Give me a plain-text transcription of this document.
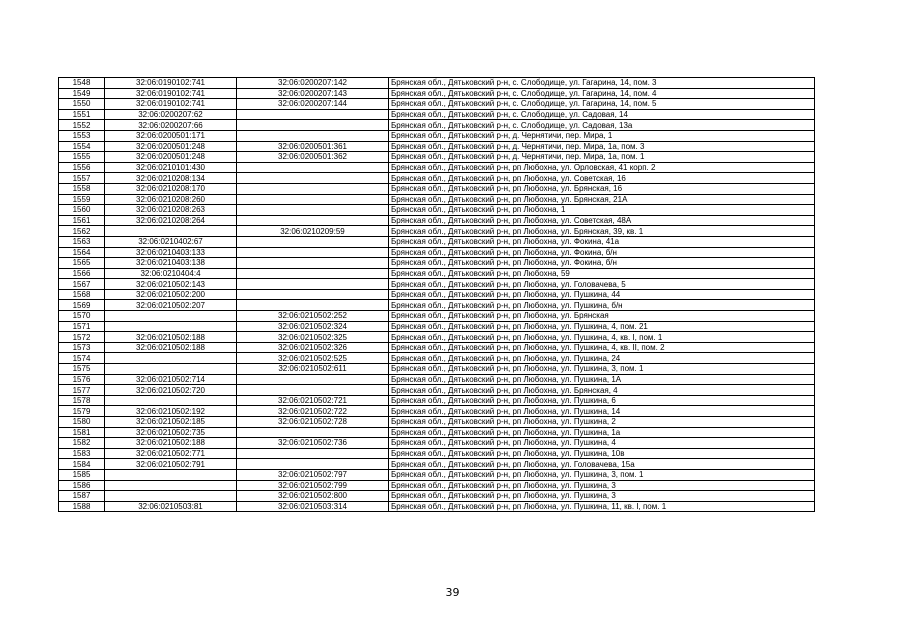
1548	32:06:0190102:741	32:06:0200207:142	Брянская обл., Дятьковский р-н, с. Слободище, ул. Гагарина, 14, пом. 3
1549	32:06:0190102:741	32:06:0200207:143	Брянская обл., Дятьковский р-н, с. Слободище, ул. Гагарина, 14, пом. 4
1550	32:06:0190102:741	32:06:0200207:144	Брянская обл., Дятьковский р-н, с. Слободище, ул. Гагарина, 14, пом. 5
1551	32:06:0200207:62		Брянская обл., Дятьковский р-н, с. Слободище, ул. Садовая, 14
1552	32:06:0200207:66		Брянская обл., Дятьковский р-н, с. Слободище, ул. Садовая, 13а
1553	32:06:0200501:171		Брянская обл., Дятьковский р-н, д. Чернятичи, пер. Мира, 1
1554	32:06:0200501:248	32:06:0200501:361	Брянская обл., Дятьковский р-н, д. Чернятичи, пер. Мира, 1а, пом. 3
1555	32:06:0200501:248	32:06:0200501:362	Брянская обл., Дятьковский р-н, д. Чернятичи, пер. Мира, 1а, пом. 1
1556	32:06:0210101:430		Брянская обл., Дятьковский р-н, рп Любохна, ул. Орловская, 41 корп. 2
1557	32:06:0210208:134		Брянская обл., Дятьковский р-н, рп Любохна, ул. Советская, 16
1558	32:06:0210208:170		Брянская обл., Дятьковский р-н, рп Любохна, ул. Брянская, 16
1559	32:06:0210208:260		Брянская обл., Дятьковский р-н, рп Любохна, ул. Брянская, 21А
1560	32:06:0210208:263		Брянская обл., Дятьковский р-н, рп Любохна, 1
1561	32:06:0210208:264		Брянская обл., Дятьковский р-н, рп Любохна, ул. Советская, 48А
1562		32:06:0210209:59	Брянская обл., Дятьковский р-н, рп Любохна, ул. Брянская, 39, кв. 1
1563	32:06:0210402:67		Брянская обл., Дятьковский р-н, рп Любохна, ул. Фокина, 41а
1564	32:06:0210403:133		Брянская обл., Дятьковский р-н, рп Любохна, ул. Фокина, б/н
1565	32:06:0210403:138		Брянская обл., Дятьковский р-н, рп Любохна, ул. Фокина, б/н
1566	32:06:0210404:4		Брянская обл., Дятьковский р-н, рп Любохна, 59
1567	32:06:0210502:143		Брянская обл., Дятьковский р-н, рп Любохна, ул. Головачева, 5
1568	32:06:0210502:200		Брянская обл., Дятьковский р-н, рп Любохна, ул. Пушкина, 44
1569	32:06:0210502:207		Брянская обл., Дятьковский р-н, рп Любохна, ул. Пушкина, б/н
1570		32:06:0210502:252	Брянская обл., Дятьковский р-н, рп Любохна, ул. Брянская
1571		32:06:0210502:324	Брянская обл., Дятьковский р-н, рп Любохна, ул. Пушкина, 4, пом. 21
1572	32:06:0210502:188	32:06:0210502:325	Брянская обл., Дятьковский р-н, рп Любохна, ул. Пушкина, 4, кв. I, пом. 1
1573	32:06:0210502:188	32:06:0210502:326	Брянская обл., Дятьковский р-н, рп Любохна, ул. Пушкина, 4, кв. II, пом. 2
1574		32:06:0210502:525	Брянская обл., Дятьковский р-н, рп Любохна, ул. Пушкина, 24
1575		32:06:0210502:611	Брянская обл., Дятьковский р-н, рп Любохна, ул. Пушкина, 3, пом. 1
1576	32:06:0210502:714		Брянская обл., Дятьковский р-н, рп Любохна, ул. Пушкина, 1А
1577	32:06:0210502:720		Брянская обл., Дятьковский р-н, рп Любохна, ул. Брянская, 4
1578		32:06:0210502:721	Брянская обл., Дятьковский р-н, рп Любохна, ул. Пушкина, 6
1579	32:06:0210502:192	32:06:0210502:722	Брянская обл., Дятьковский р-н, рп Любохна, ул. Пушкина, 14
1580	32:06:0210502:185	32:06:0210502:728	Брянская обл., Дятьковский р-н, рп Любохна, ул. Пушкина, 2
1581	32:06:0210502:735		Брянская обл., Дятьковский р-н, рп Любохна, ул. Пушкина, 1а
1582	32:06:0210502:188	32:06:0210502:736	Брянская обл., Дятьковский р-н, рп Любохна, ул. Пушкина, 4
1583	32:06:0210502:771		Брянская обл., Дятьковский р-н, рп Любохна, ул. Пушкина, 10в
1584	32:06:0210502:791		Брянская обл., Дятьковский р-н, рп Любохна, ул. Головачева, 15а
1585		32:06:0210502:797	Брянская обл., Дятьковский р-н, рп Любохна, ул. Пушкина, 3, пом. 1
1586		32:06:0210502:799	Брянская обл., Дятьковский р-н, рп Любохна, ул. Пушкина, 3
1587		32:06:0210502:800	Брянская обл., Дятьковский р-н, рп Любохна, ул. Пушкина, 3
1588	32:06:0210503:81	32:06:0210503:314	Брянская обл., Дятьковский р-н, рп Любохна, ул. Пушкина, 11, кв. I, пом. 1
39
